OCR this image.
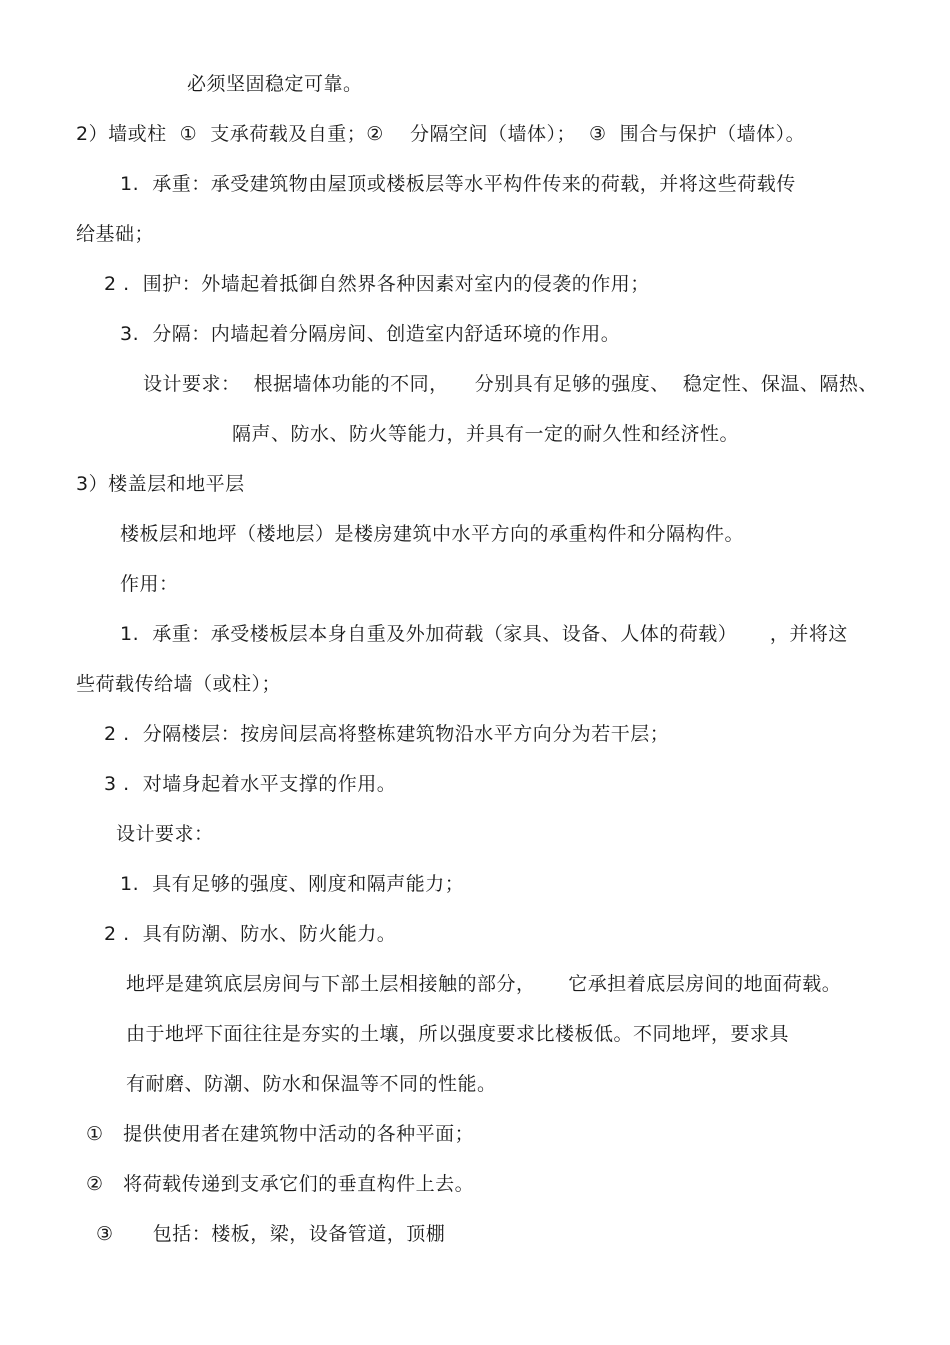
必须坚固稳定可靠。
2）墙或柱  ①  支承荷载及自重；②    分隔空间（墙体）；  ③  围合与保护（墙体）。
1.  承重：承受建筑物由屋顶或楼板层等水平构件传来的荷载，并将这些荷载传
给基础；
2 .  围护：外墙起着抵御自然界各种因素对室内的侵袭的作用；
3.  分隔：内墙起着分隔房间、创造室内舒适环境的作用。
设计要求：  根据墙体功能的不同，    分别具有足够的强度、  稳定性、保温、隔热、
隔声、防水、防火等能力，并具有一定的耐久性和经济性。
3）楼盖层和地平层
楼板层和地坪（楼地层）是楼房建筑中水平方向的承重构件和分隔构件。
作用：
1.  承重：承受楼板层本身自重及外加荷载（家具、设备、人体的荷载）     ，并将这
些荷载传给墙（或柱）；
2 .  分隔楼层：按房间层高将整栋建筑物沿水平方向分为若干层；
3 .  对墙身起着水平支撑的作用。
设计要求：
1.  具有足够的强度、刚度和隔声能力；
2 .  具有防潮、防水、防火能力。
地坪是建筑底层房间与下部土层相接触的部分，     它承担着底层房间的地面荷载。
由于地坪下面往往是夯实的土壤，所以强度要求比楼板低。不同地坪，要求具
有耐磨、防潮、防水和保温等不同的性能。
①   提供使用者在建筑物中活动的各种平面；
②   将荷载传递到支承它们的垂直构件上去。
③      包括：楼板，梁，设备管道，顶棚
